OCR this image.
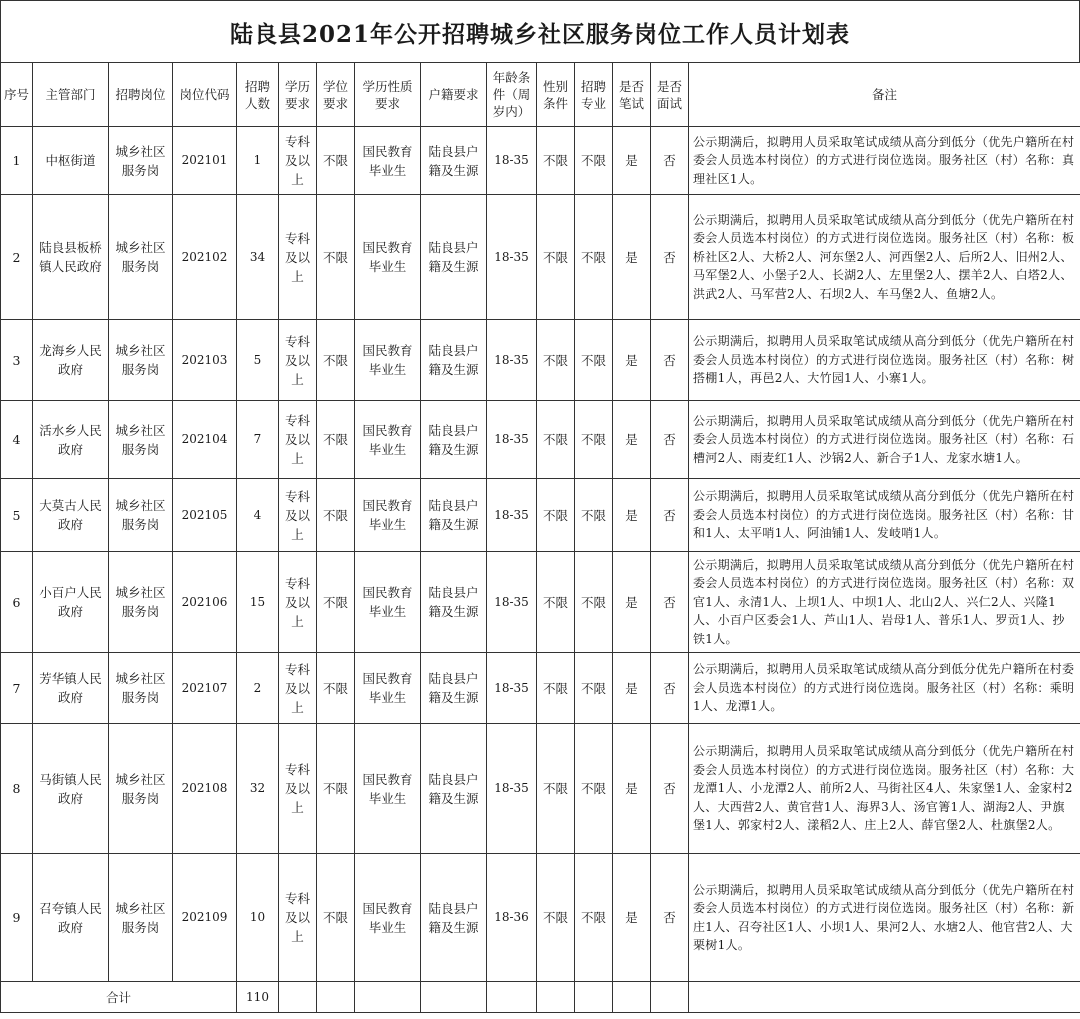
陆良县2021年公开招聘城乡社区服务岗位工作人员计划表
序号	主管部门	招聘岗位	岗位代码	招聘人数	学历要求	学位要求	学历性质要求	户籍要求	年龄条件（周岁内）	性别条件	招聘专业	是否笔试	是否面试	备注
1	中枢街道	城乡社区服务岗	202101	1	专科及以上	不限	国民教育毕业生	陆良县户籍及生源	18-35	不限	不限	是	否	公示期满后，拟聘用人员采取笔试成绩从高分到低分（优先户籍所在村委会人员选本村岗位）的方式进行岗位选岗。服务社区（村）名称：真理社区1人。
2	陆良县板桥镇人民政府	城乡社区服务岗	202102	34	专科及以上	不限	国民教育毕业生	陆良县户籍及生源	18-35	不限	不限	是	否	公示期满后，拟聘用人员采取笔试成绩从高分到低分（优先户籍所在村委会人员选本村岗位）的方式进行岗位选岗。服务社区（村）名称：板桥社区2人、大桥2人、河东堡2人、河西堡2人、后所2人、旧州2人、马军堡2人、小堡子2人、长湖2人、左里堡2人、摆羊2人、白塔2人、洪武2人、马军营2人、石坝2人、车马堡2人、鱼塘2人。
3	龙海乡人民政府	城乡社区服务岗	202103	5	专科及以上	不限	国民教育毕业生	陆良县户籍及生源	18-35	不限	不限	是	否	公示期满后，拟聘用人员采取笔试成绩从高分到低分（优先户籍所在村委会人员选本村岗位）的方式进行岗位选岗。服务社区（村）名称：树搭棚1人，再邑2人、大竹园1人、小寨1人。
4	活水乡人民政府	城乡社区服务岗	202104	7	专科及以上	不限	国民教育毕业生	陆良县户籍及生源	18-35	不限	不限	是	否	公示期满后，拟聘用人员采取笔试成绩从高分到低分（优先户籍所在村委会人员选本村岗位）的方式进行岗位选岗。服务社区（村）名称：石槽河2人、雨麦红1人、沙锅2人、新合子1人、龙家水塘1人。
5	大莫古人民政府	城乡社区服务岗	202105	4	专科及以上	不限	国民教育毕业生	陆良县户籍及生源	18-35	不限	不限	是	否	公示期满后，拟聘用人员采取笔试成绩从高分到低分（优先户籍所在村委会人员选本村岗位）的方式进行岗位选岗。服务社区（村）名称：甘和1人、太平哨1人、阿油铺1人、发岐哨1人。
6	小百户人民政府	城乡社区服务岗	202106	15	专科及以上	不限	国民教育毕业生	陆良县户籍及生源	18-35	不限	不限	是	否	公示期满后，拟聘用人员采取笔试成绩从高分到低分（优先户籍所在村委会人员选本村岗位）的方式进行岗位选岗。服务社区（村）名称：双官1人、永清1人、上坝1人、中坝1人、北山2人、兴仁2人、兴隆1人、小百户区委会1人、芦山1人、岩母1人、普乐1人、罗贡1人、抄铁1人。
7	芳华镇人民政府	城乡社区服务岗	202107	2	专科及以上	不限	国民教育毕业生	陆良县户籍及生源	18-35	不限	不限	是	否	公示期满后，拟聘用人员采取笔试成绩从高分到低分优先户籍所在村委会人员选本村岗位）的方式进行岗位选岗。服务社区（村）名称：乘明1人、龙潭1人。
8	马街镇人民政府	城乡社区服务岗	202108	32	专科及以上	不限	国民教育毕业生	陆良县户籍及生源	18-35	不限	不限	是	否	公示期满后，拟聘用人员采取笔试成绩从高分到低分（优先户籍所在村委会人员选本村岗位）的方式进行岗位选岗。服务社区（村）名称：大龙潭1人、小龙潭2人、前所2人、马街社区4人、朱家堡1人、金家村2人、大西营2人、黄官营1人、海界3人、汤官箐1人、湖海2人、尹旗堡1人、郭家村2人、漾稻2人、庄上2人、薛官堡2人、杜旗堡2人。
9	召夸镇人民政府	城乡社区服务岗	202109	10	专科及以上	不限	国民教育毕业生	陆良县户籍及生源	18-36	不限	不限	是	否	公示期满后，拟聘用人员采取笔试成绩从高分到低分（优先户籍所在村委会人员选本村岗位）的方式进行岗位选岗。服务社区（村）名称：新庄1人、召夸社区1人、小坝1人、果河2人、水塘2人、他官营2人、大栗树1人。
合计				110										
